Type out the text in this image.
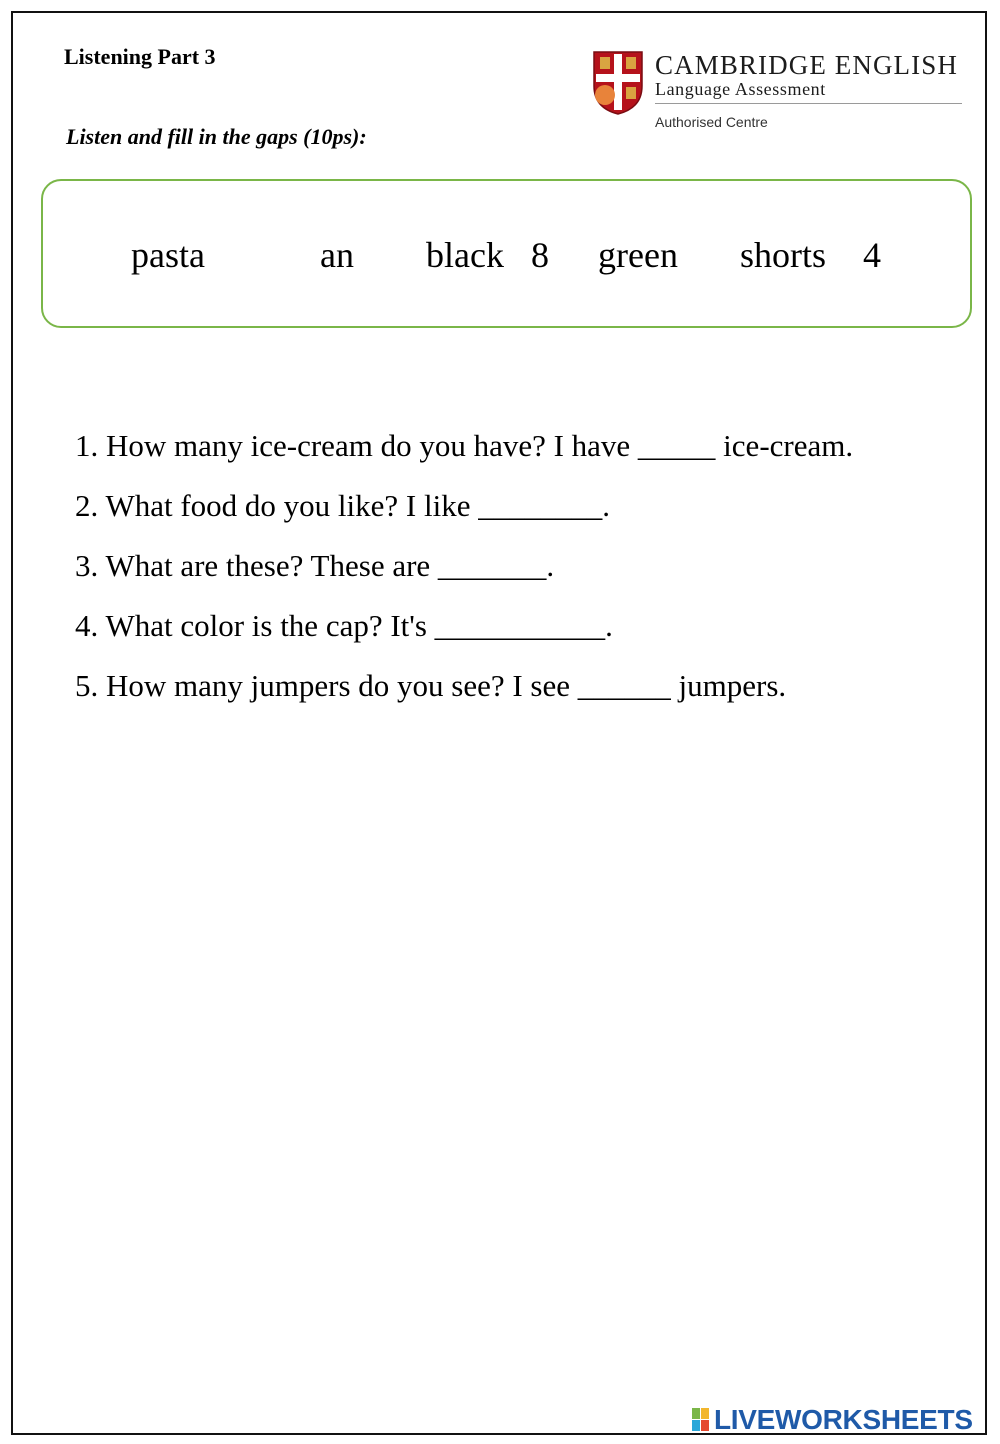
Listening Part 3
Listen and fill in the gaps (10ps):
CAMBRIDGE ENGLISH
Language Assessment
Authorised Centre
pasta	an black 8 green shorts 4
1. How many ice-cream do you have? I have _____ ice-cream.
2. What food do you like? I like ________.
3. What are these? These are _______.
4. What color is the cap? It's ___________.
5. How many jumpers do you see? I see ______ jumpers.
LIVEWORKSHEETS
